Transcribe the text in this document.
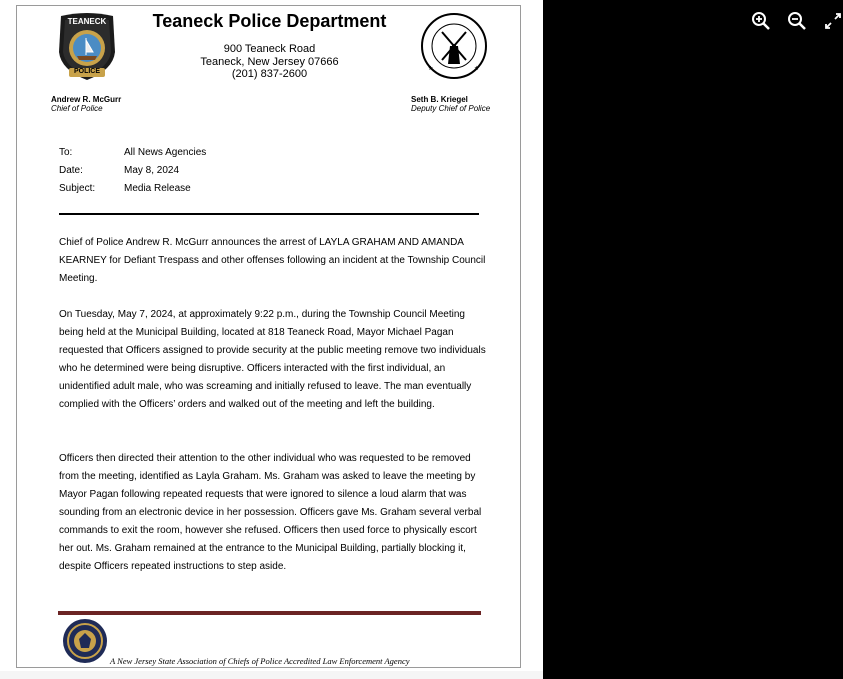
TEANECK
POLICE	★	★
Teaneck Police Department
900 Teaneck Road
Teaneck, New Jersey 07666
(201) 837-2600
Andrew R. McGurr
Chief of Police
Seth B. Kriegel
Deputy Chief of Police
To:	All News Agencies
Date:	May 8, 2024
Subject:	Media Release

Chief of Police Andrew R. McGurr announces the arrest of LAYLA GRAHAM AND AMANDA KEARNEY for Defiant Trespass and other offenses following an incident at the Township Council Meeting.

On Tuesday, May 7, 2024, at approximately 9:22 p.m., during the Township Council Meeting being held at the Municipal Building, located at 818 Teaneck Road, Mayor Michael Pagan requested that Officers assigned to provide security at the public meeting remove two individuals who he determined were being disruptive. Officers interacted with the first individual, an unidentified adult male, who was screaming and initially refused to leave. The man eventually complied with the Officers’ orders and walked out of the meeting and left the building.

Officers then directed their attention to the other individual who was requested to be removed from the meeting, identified as Layla Graham. Ms. Graham was asked to leave the meeting by Mayor Pagan following repeated requests that were ignored to silence a loud alarm that was sounding from an electronic device in her possession. Officers gave Ms. Graham several verbal commands to exit the room, however she refused. Officers then used force to physically escort her out. Ms. Graham remained at the entrance to the Municipal Building, partially blocking it, despite Officers repeated instructions to step aside.

A New Jersey State Association of Chiefs of Police Accredited Law Enforcement Agency
